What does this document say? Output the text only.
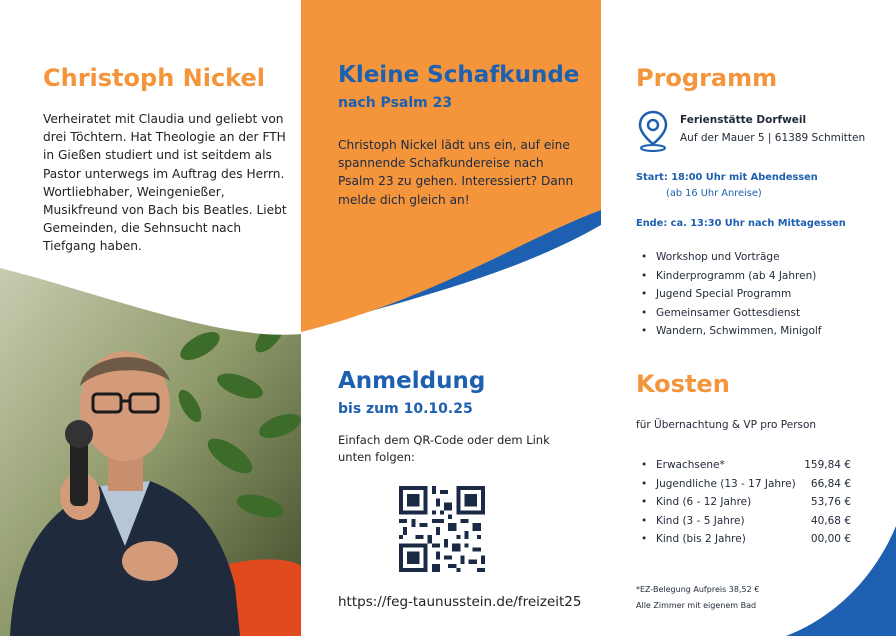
Christoph Nickel

Verheiratet mit Claudia und geliebt von drei Töchtern. Hat Theologie an der FTH in Gießen studiert und ist seitdem als Pastor unterwegs im Auftrag des Herrn. Wortliebhaber, Weingenießer, Musikfreund von Bach bis Beatles. Liebt Gemeinden, die Sehnsucht nach Tiefgang haben.

Kleine Schafkunde

nach Psalm 23

Christoph Nickel lädt uns ein, auf eine spannende Schafkundereise nach Psalm 23 zu gehen. Interessiert? Dann melde dich gleich an!

Anmeldung

bis zum 10.10.25

Einfach dem QR-Code oder dem Link unten folgen:

https://feg-taunusstein.de/freizeit25

Programm

Ferienstätte Dorfweil

Auf der Mauer 5 | 61389 Schmitten

Start: 18:00 Uhr mit Abendessen

(ab 16 Uhr Anreise)

Ende: ca. 13:30 Uhr nach Mittagessen

• Workshop und Vorträge
• Kinderprogramm (ab 4 Jahren)
• Jugend Special Programm
• Gemeinsamer Gottesdienst
• Wandern, Schwimmen, Minigolf
Kosten

für Übernachtung & VP pro Person

• Erwachsene*	159,84 €
• Jugendliche (13 - 17 Jahre) 66,84 €
• Kind (6 - 12 Jahre)	53,76 €
• Kind (3 - 5 Jahre)	40,68 €
• Kind (bis 2 Jahre)	00,00 €

*EZ-Belegung Aufpreis 38,52 €

Alle Zimmer mit eigenem Bad
